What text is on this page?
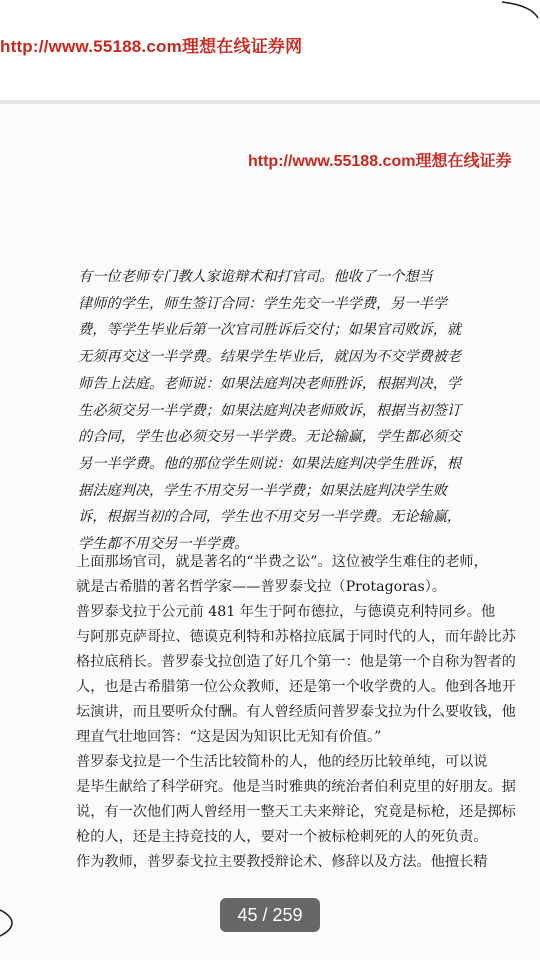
http://www.55188.com理想在线证券网
http://www.55188.com理想在线证券
有一位老师专门教人家诡辩术和打官司。他收了一个想当
律师的学生，师生签订合同：学生先交一半学费，另一半学
费，等学生毕业后第一次官司胜诉后交付；如果官司败诉，就
无须再交这一半学费。结果学生毕业后，就因为不交学费被老
师告上法庭。老师说：如果法庭判决老师胜诉，根据判决，学
生必须交另一半学费；如果法庭判决老师败诉，根据当初签订
的合同，学生也必须交另一半学费。无论输赢，学生都必须交
另一半学费。他的那位学生则说：如果法庭判决学生胜诉，根
据法庭判决，学生不用交另一半学费；如果法庭判决学生败
诉，根据当初的合同，学生也不用交另一半学费。无论输赢，
学生都不用交另一半学费。
上面那场官司，就是著名的“半费之讼”。这位被学生难住的老师，
就是古希腊的著名哲学家——普罗泰戈拉（Protagoras）。
普罗泰戈拉于公元前 481 年生于阿布德拉，与德谟克利特同乡。他
与阿那克萨哥拉、德谟克利特和苏格拉底属于同时代的人，而年龄比苏
格拉底稍长。普罗泰戈拉创造了好几个第一：他是第一个自称为智者的
人，也是古希腊第一位公众教师，还是第一个收学费的人。他到各地开
坛演讲，而且要听众付酬。有人曾经质问普罗泰戈拉为什么要收钱，他
理直气壮地回答：“这是因为知识比无知有价值。”
普罗泰戈拉是一个生活比较简朴的人，他的经历比较单纯，可以说
是毕生献给了科学研究。他是当时雅典的统治者伯利克里的好朋友。据
说，有一次他们两人曾经用一整天工夫来辩论，究竟是标枪，还是掷标
枪的人，还是主持竞技的人，要对一个被标枪刺死的人的死负责。
作为教师，普罗泰戈拉主要教授辩论术、修辞以及方法。他擅长精
45 / 259
